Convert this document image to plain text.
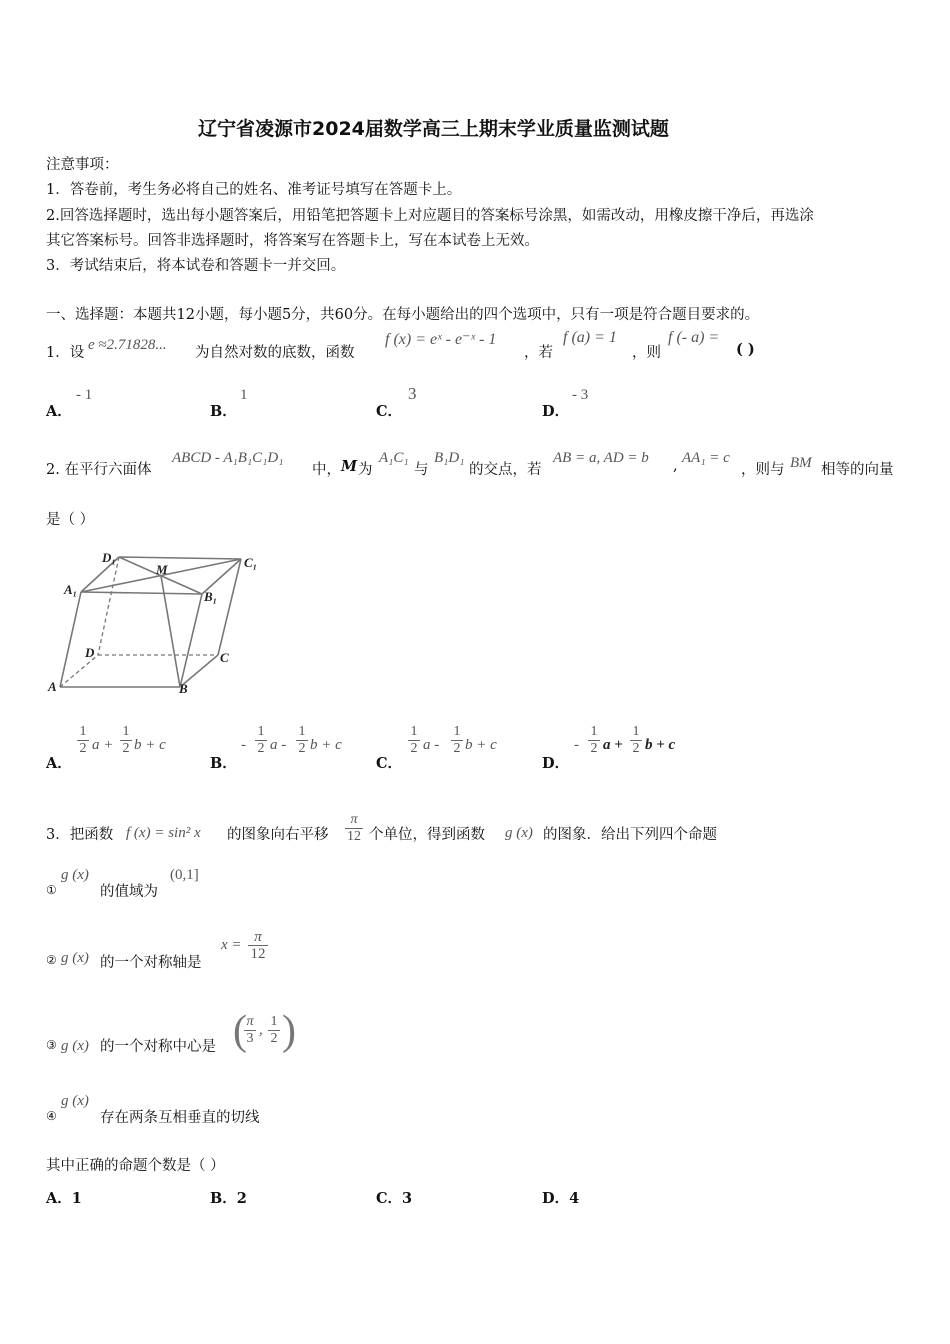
辽宁省凌源市2024届数学高三上期末学业质量监测试题
注意事项：
1．答卷前，考生务必将自己的姓名、准考证号填写在答题卡上。
2.回答选择题时，选出每小题答案后，用铅笔把答题卡上对应题目的答案标号涂黑，如需改动，用橡皮擦干净后，再选涂
其它答案标号。回答非选择题时，将答案写在答题卡上，写在本试卷上无效。
3．考试结束后，将本试卷和答题卡一并交回。
一、选择题：本题共12小题，每小题5分，共60分。在每小题给出的四个选项中，只有一项是符合题目要求的。
1．设 e ≈2.71828... 为自然对数的底数，函数
f (x) = eˣ - e⁻ˣ - 1
，若
f (a) = 1
，则
f (- a) =
( )
A．
- 1
B．
1
C．
3
D．
- 3
2. 在平行六面体
ABCD - A₁B₁C₁D₁
中， M 为
A₁C₁
与
B₁D₁
的交点，若
AB = a, AD = b , AA₁ = c
，则与 BM 相等的向量
是（ ）
D₁	C₁
M
A₁	B₁
D	C
A	B
A．
$\frac{1}{2}$ $a + \frac{1}{2}$ b + c
B．
- $\frac{1}{2}$ a - $\frac{1}{2}$ b + c
C．
$\frac{1}{2}$ a - $\frac{1}{2}$ b + c
D．
- $\frac{1}{2}$ $a + \frac{1}{2}$ b + c
3．把函数 f (x) = sin² x 的图象向右平移 $\frac{\pi}{12}$ 个单位，得到函数 g (x) 的图象．给出下列四个命题
①
g (x)
的值域为
(0,1]
② g (x) 的一个对称轴是
$x = \frac{\pi}{12}$
③ g (x) 的一个对称中心是 (
$\frac{\pi}{3}$ , $\frac{1}{2}$ )
④
g (x)
存在两条互相垂直的切线
其中正确的命题个数是（ ）
A．1	B．2	C．3	D．4
